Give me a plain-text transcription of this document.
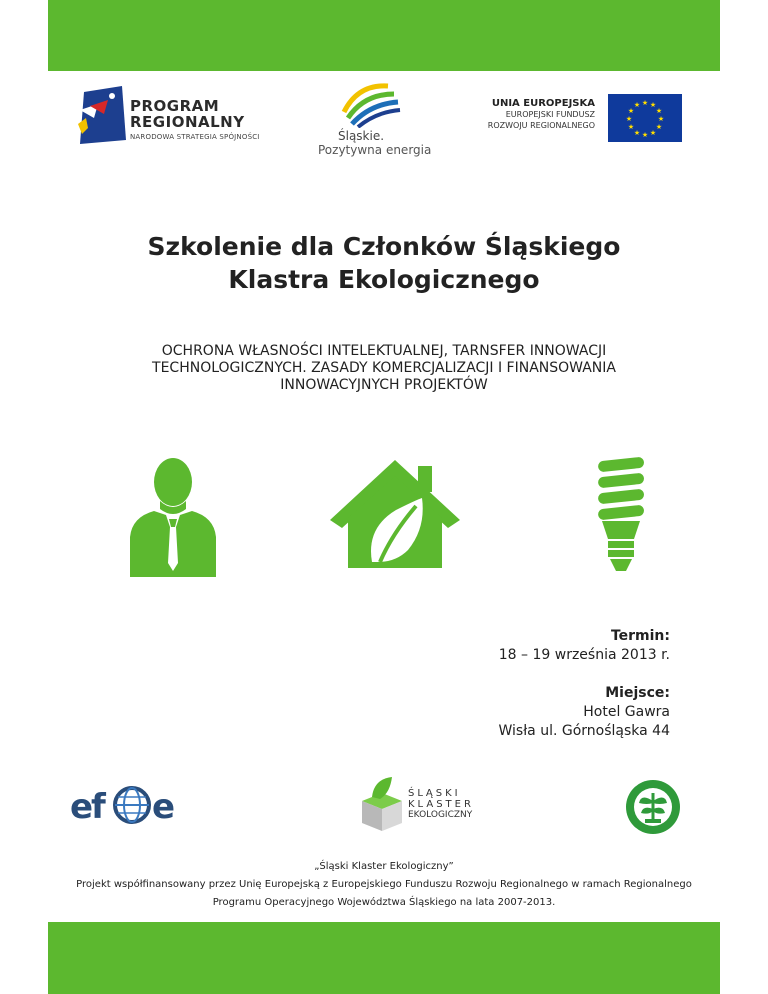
PROGRAM
REGIONALNY
NARODOWA STRATEGIA SPÓJNOŚCI	Śląskie.
Pozytywna energia
UNIA EUROPEJSKA
EUROPEJSKI FUNDUSZ
ROZWOJU REGIONALNEGO
★ ★
★
★
★
★
★
★
★
★
★
★
Szkolenie dla Członków Śląskiego
Klastra Ekologicznego
OCHRONA WŁASNOŚCI INTELEKTUALNEJ, TARNSFER INNOWACJI
TECHNOLOGICZNYCH. ZASADY KOMERCJALIZACJI I FINANSOWANIA
INNOWACYJNYCH PROJEKTÓW
Termin:
18 – 19 września 2013 r.
Miejsce:
Hotel Gawra
Wisła ul. Górnośląska 44
ef e	ŚLĄSKI
KLASTER
EKOLOGICZNY
„Śląski Klaster Ekologiczny”
Projekt współfinansowany przez Unię Europejską z Europejskiego Funduszu Rozwoju Regionalnego w ramach Regionalnego
Programu Operacyjnego Województwa Śląskiego na lata 2007-2013.
